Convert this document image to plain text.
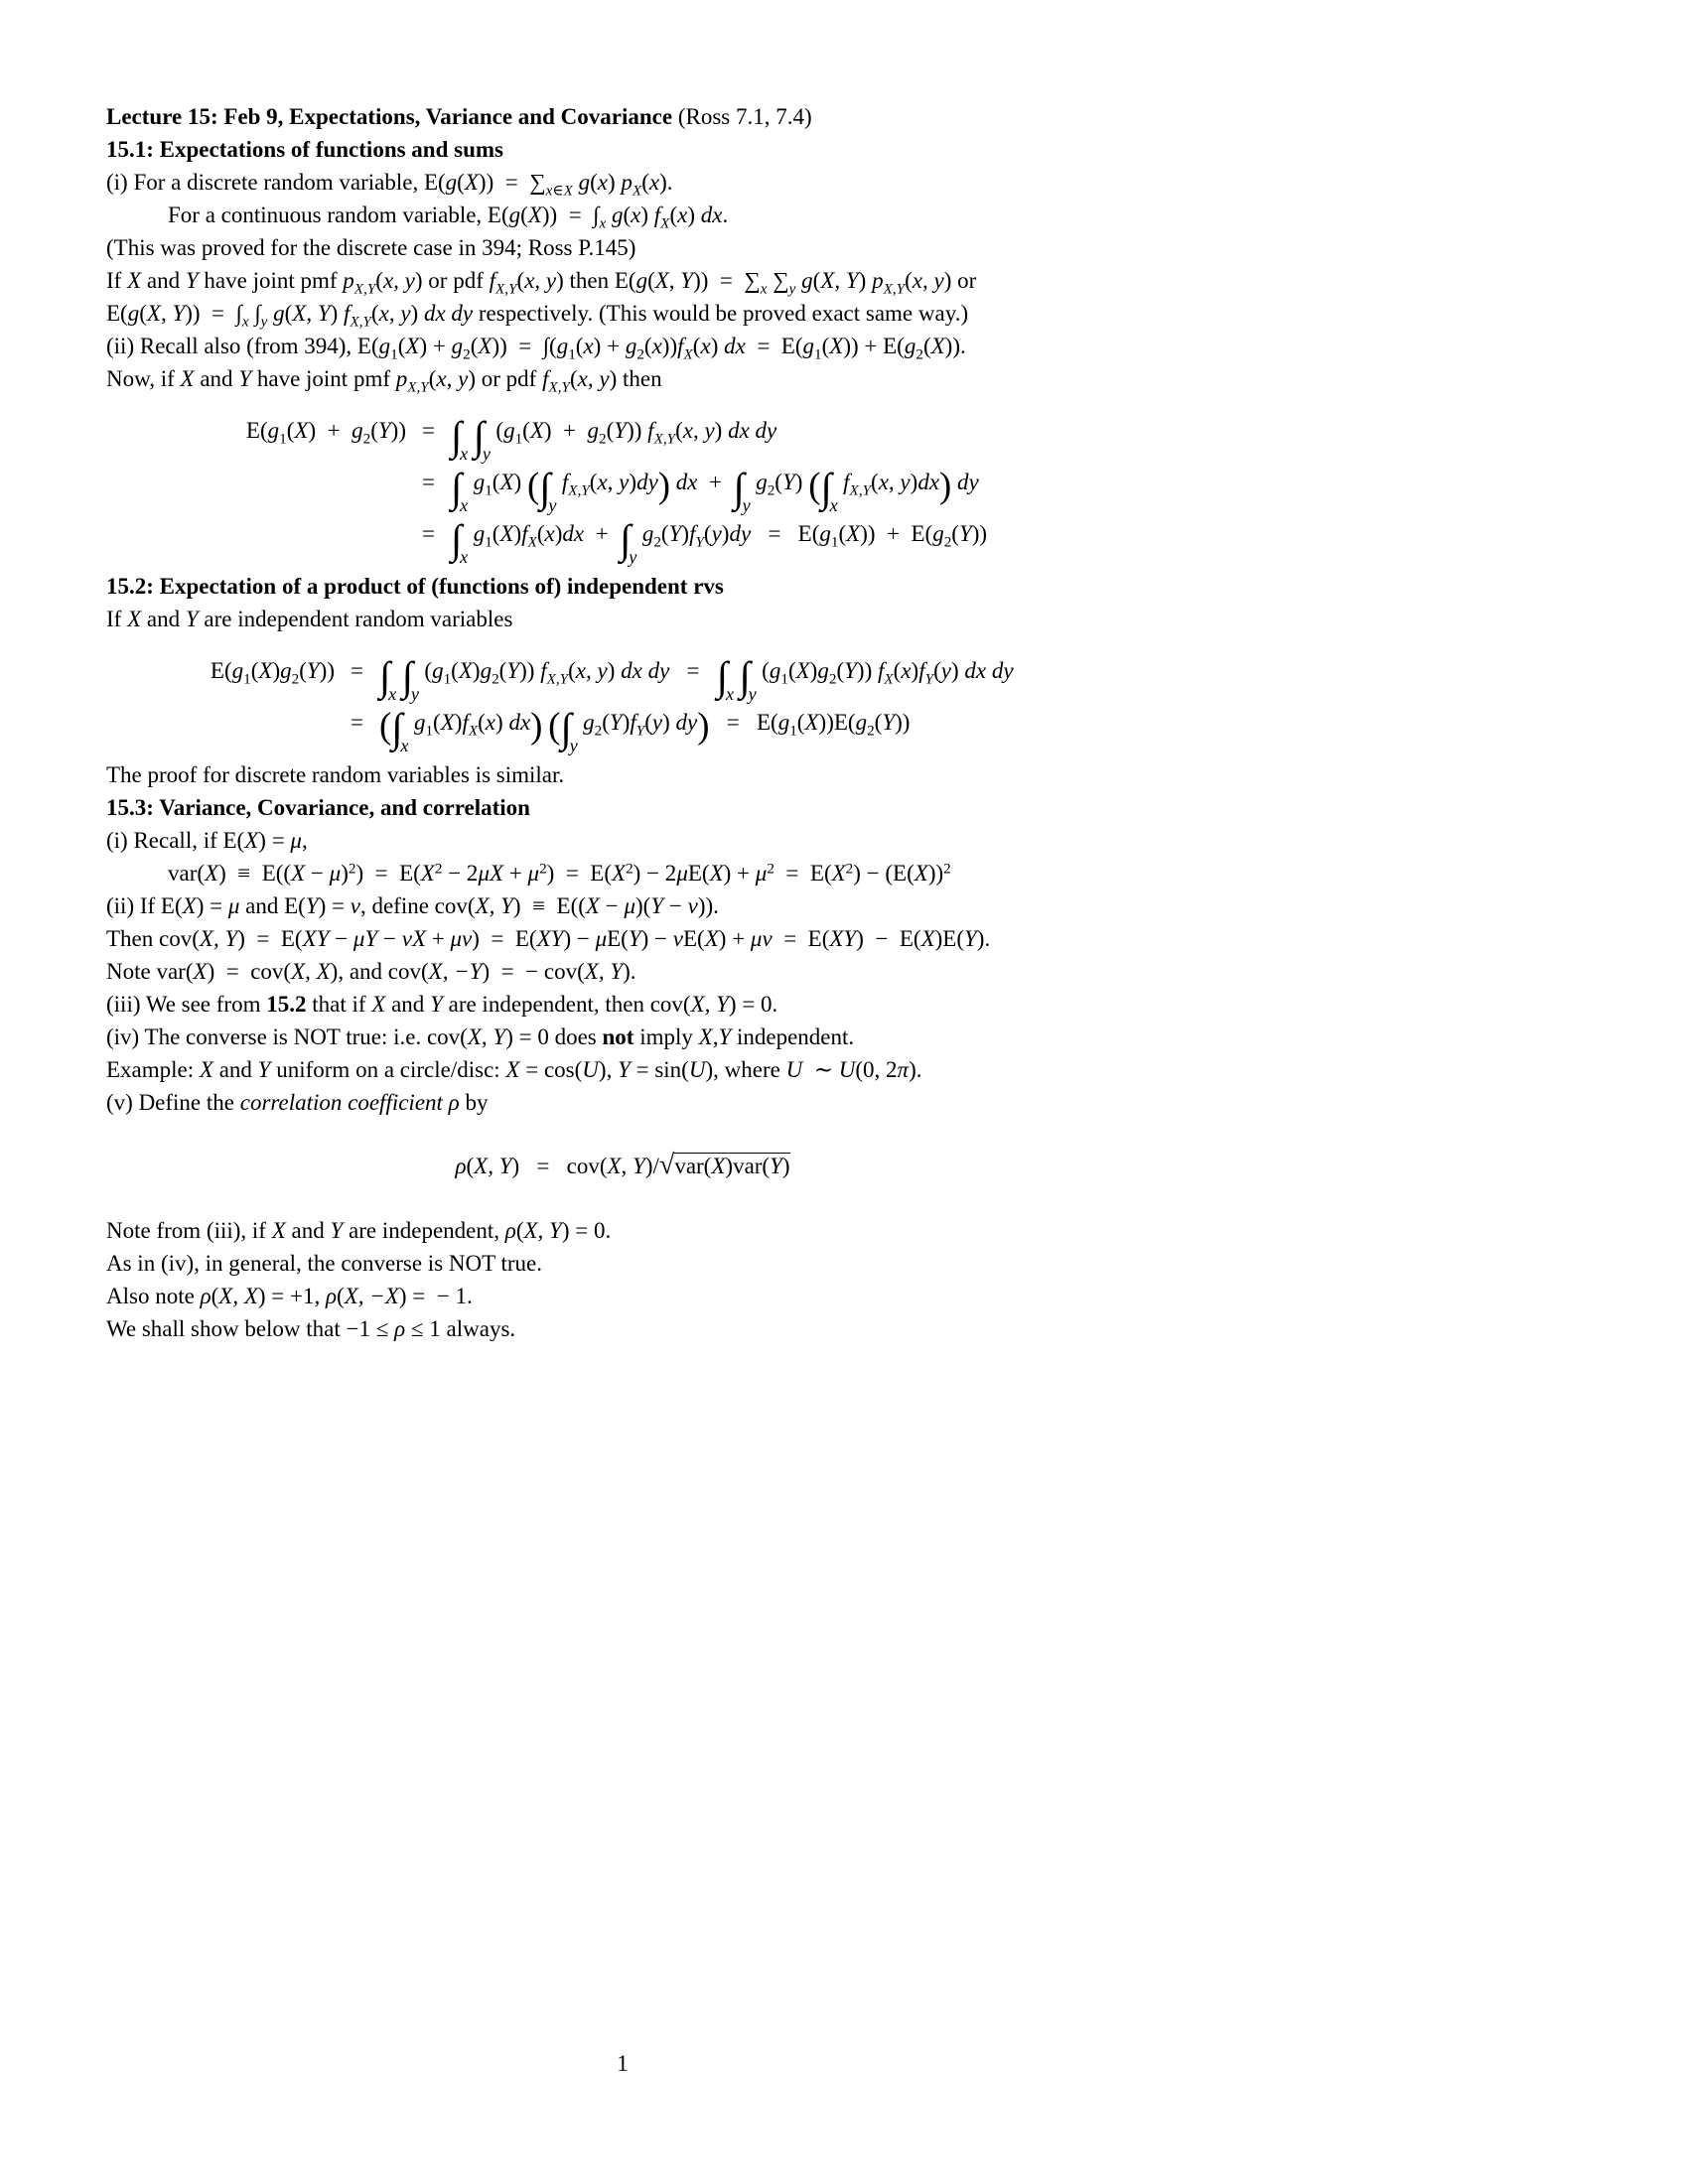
Lecture 15: Feb 9, Expectations, Variance and Covariance (Ross 7.1, 7.4)
15.1: Expectations of functions and sums
(i) For a discrete random variable, $E(g(X)) = \sum_{x\in X}$ g(x) $p_X(x)$.
For a continuous random variable, $E(g(X)) = \int_x$ g(x) $f_X(x)$ dx.
(This was proved for the discrete case in 394; Ross P.145)
If X and Y have joint pmf $p_{X,Y}(x$, y) or pdf $f_{X,Y}(x$, y) then E(g(X, $Y)) = \sum_x$ $\sum_y$ g(X, Y) $p_{X,Y}(x$, y) or
E(g(X, $Y)) = \int_x$ $\int_y$ g(X, Y) $f_{X,Y}(x$, y) dx dy respectively. (This would be proved exact same way.)
(ii) Recall also (from 394), $E(g_1(X) + g_2(X)) = \int(g_1(x) + g_2(x))f_X(x)$ dx  =  $E(g_1(X)) + E(g_2(X))$.
Now, if X and Y have joint pmf $p_{X,Y}(x$, y) or pdf $f_{X,Y}(x$, y) then
$E(g_1(X) + g_2(Y)) = \int_x$ $\int_y(g_1(X) + g_2(Y))$ $f_{X,Y}(x$, y) dx dy
= $\int_xg_1(X)$ ($\int_yf_{X,Y}(x$, y)dy) dx  +  $\int_yg_2(Y)$ ($\int_xf_{X,Y}(x$, y)dx) dy
= $\int_xg_1(X)f_X(x)dx + \int_yg_2(Y)f_Y(y)dy = E(g_1(X)) + E(g_2(Y))$
15.2: Expectation of a product of (functions of) independent rvs
If X and Y are independent random variables
$E(g_1(X)g_2(Y)) = \int_x$ $\int_y(g_1(X)g_2(Y))$ $f_{X,Y}(x$, y) dx dy   =   $\int_x$ $\int_y(g_1(X)g_2(Y))$ $f_X(x)f_Y(y)$ dx dy
= ($\int_xg_1(X)f_X(x)$ dx) $(\int_yg_2(Y)f_Y(y) dy) = E(g_1(X))E(g_2(Y))$
The proof for discrete random variables is similar.
15.3: Variance, Covariance, and correlation
(i) Recall, if E(X) = μ,
$var(X) \equiv E((X - \mu)^2) = E(X^2 - 2\mu X + \mu^2) = E(X^2) - 2\mu E(X) + \mu^2 = E(X^2) - (E(X))^2$
(ii) If E(X) = μ and E(Y) = ν, define cov(X, Y)  ≡  E((X − μ)(Y − ν)).
Then cov(X, Y)  =  E(XY − μY − νX + μν)  =  E(XY) − μE(Y) − νE(X) + μν  =  E(XY)  −  E(X)E(Y).
Note var(X)  =  cov(X, X), and cov(X, −Y)  =  − cov(X, Y).
(iii) We see from 15.2 that if X and Y are independent, then cov(X, Y) = 0.
(iv) The converse is NOT true: i.e. cov(X, Y) = 0 does not imply X,Y independent.
Example: X and Y uniform on a circle/disc: X = cos(U), Y = sin(U), where U  ∼ U(0, 2π).
(v) Define the correlation coefficient ρ by
ρ(X, Y)   =   cov(X, Y)/√var(X)var(Y)
Note from (iii), if X and Y are independent, ρ(X, Y) = 0.
As in (iv), in general, the converse is NOT true.
Also note ρ(X, X) = +1, ρ(X, −X) =  − 1.
We shall show below that −1 ≤ ρ ≤ 1 always.
1
